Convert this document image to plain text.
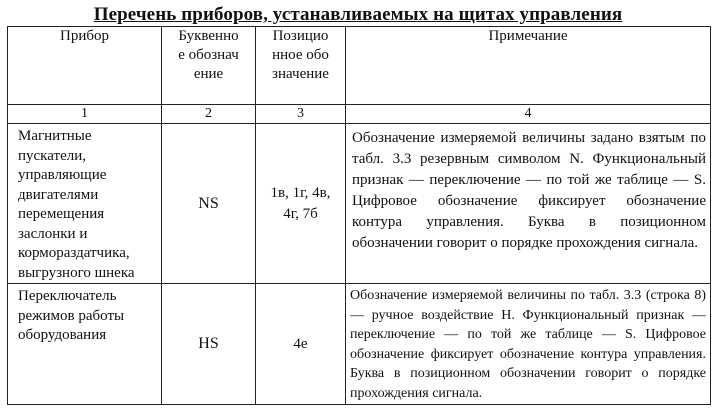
Перечень приборов, устанавливаемых на щитах управления
Прибор	Буквенное обозначение	Позиционное обозначение	Примечание
1	2	3	4
Магнитные пускатели, управляющие двигателями перемещения заслонки и кормораздатчика, выгрузного шнека	NS	1в, 1г, 4в, 4г, 7б	Обозначение измеряемой величины задано взятым по табл. 3.3 резервным символом N. Функциональный признак — переключение — по той же таблице — S. Цифровое обозначение фиксирует обозначение контура управления. Буква в позиционном обозначении говорит о порядке прохождения сигнала.
Переключатель режимов работы оборудования	HS	4е	Обозначение измеряемой величины по табл. 3.3 (строка 8) — ручное воздействие H. Функциональный признак — переключение — по той же таблице — S. Цифровое обозначение фиксирует обозначение контура управления. Буква в позиционном обозначении говорит о порядке прохождения сигнала.
